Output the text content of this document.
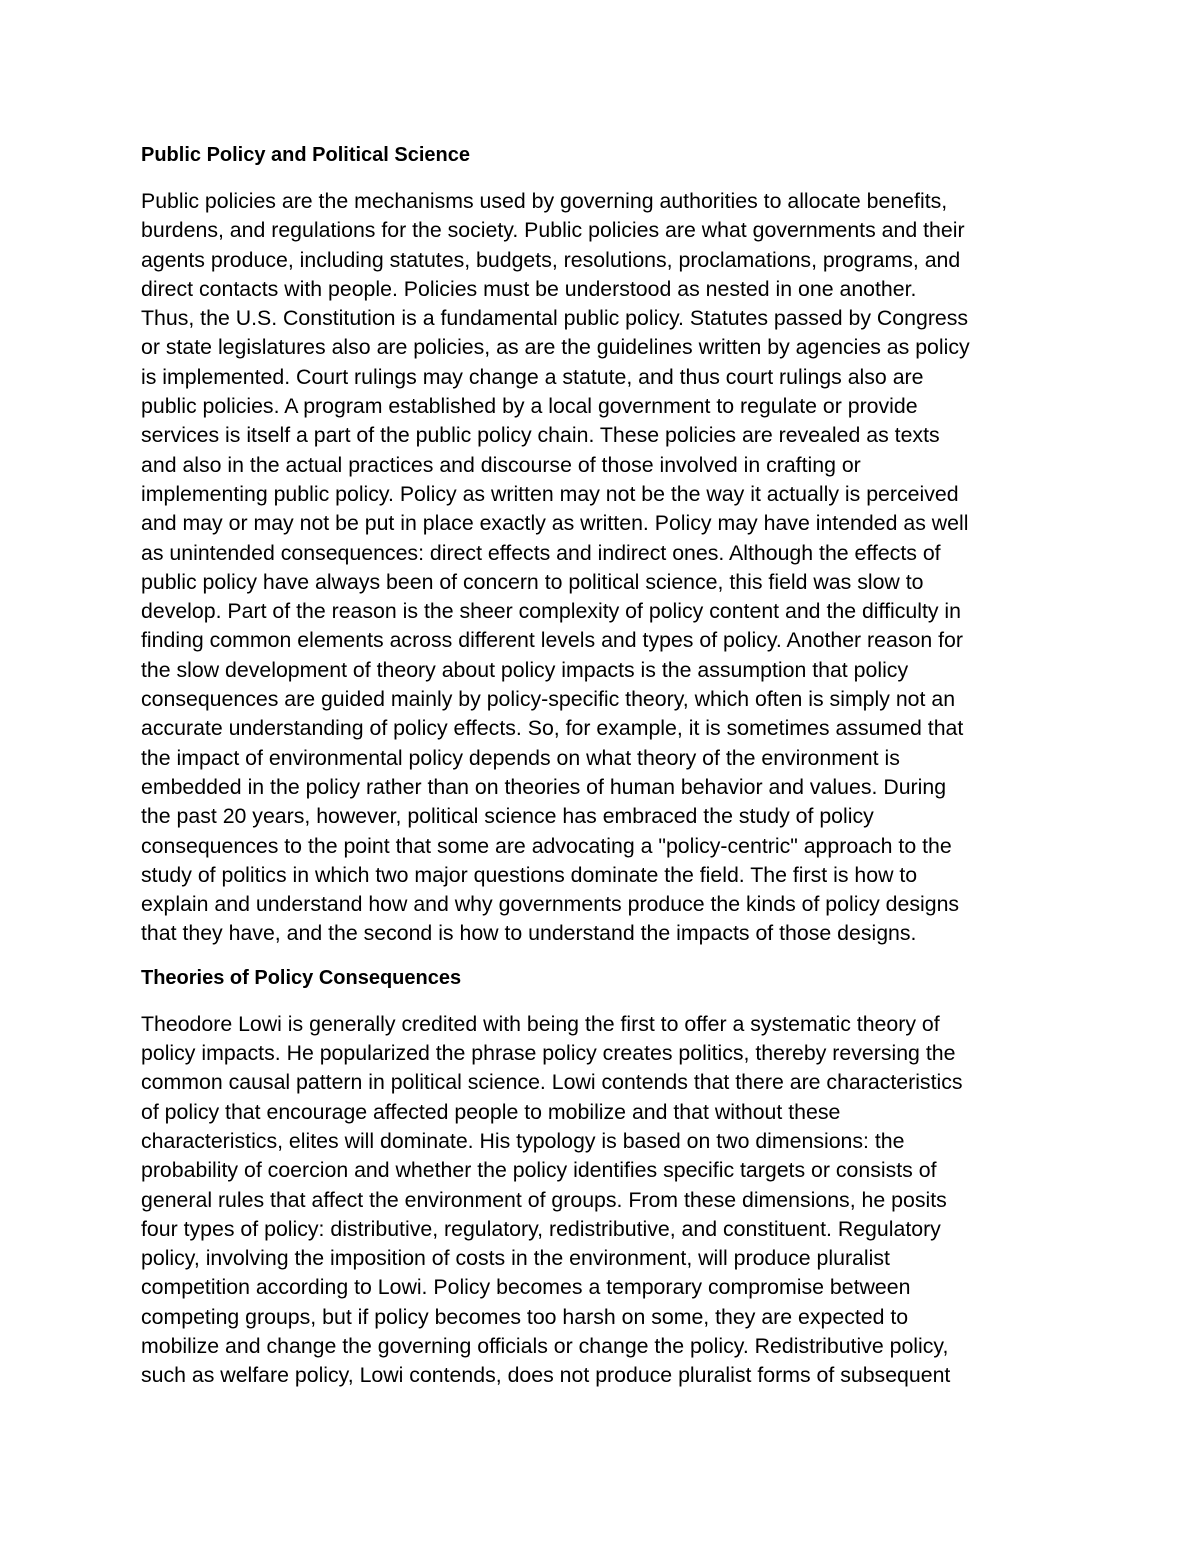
Public Policy and Political Science
Public policies are the mechanisms used by governing authorities to allocate benefits,
burdens, and regulations for the society. Public policies are what governments and their
agents produce, including statutes, budgets, resolutions, proclamations, programs, and
direct contacts with people. Policies must be understood as nested in one another.
Thus, the U.S. Constitution is a fundamental public policy. Statutes passed by Congress
or state legislatures also are policies, as are the guidelines written by agencies as policy
is implemented. Court rulings may change a statute, and thus court rulings also are
public policies. A program established by a local government to regulate or provide
services is itself a part of the public policy chain. These policies are revealed as texts
and also in the actual practices and discourse of those involved in crafting or
implementing public policy. Policy as written may not be the way it actually is perceived
and may or may not be put in place exactly as written. Policy may have intended as well
as unintended consequences: direct effects and indirect ones. Although the effects of
public policy have always been of concern to political science, this field was slow to
develop. Part of the reason is the sheer complexity of policy content and the difficulty in
finding common elements across different levels and types of policy. Another reason for
the slow development of theory about policy impacts is the assumption that policy
consequences are guided mainly by policy-specific theory, which often is simply not an
accurate understanding of policy effects. So, for example, it is sometimes assumed that
the impact of environmental policy depends on what theory of the environment is
embedded in the policy rather than on theories of human behavior and values. During
the past 20 years, however, political science has embraced the study of policy
consequences to the point that some are advocating a "policy-centric" approach to the
study of politics in which two major questions dominate the field. The first is how to
explain and understand how and why governments produce the kinds of policy designs
that they have, and the second is how to understand the impacts of those designs.
Theories of Policy Consequences
Theodore Lowi is generally credited with being the first to offer a systematic theory of
policy impacts. He popularized the phrase policy creates politics, thereby reversing the
common causal pattern in political science. Lowi contends that there are characteristics
of policy that encourage affected people to mobilize and that without these
characteristics, elites will dominate. His typology is based on two dimensions: the
probability of coercion and whether the policy identifies specific targets or consists of
general rules that affect the environment of groups. From these dimensions, he posits
four types of policy: distributive, regulatory, redistributive, and constituent. Regulatory
policy, involving the imposition of costs in the environment, will produce pluralist
competition according to Lowi. Policy becomes a temporary compromise between
competing groups, but if policy becomes too harsh on some, they are expected to
mobilize and change the governing officials or change the policy. Redistributive policy,
such as welfare policy, Lowi contends, does not produce pluralist forms of subsequent
